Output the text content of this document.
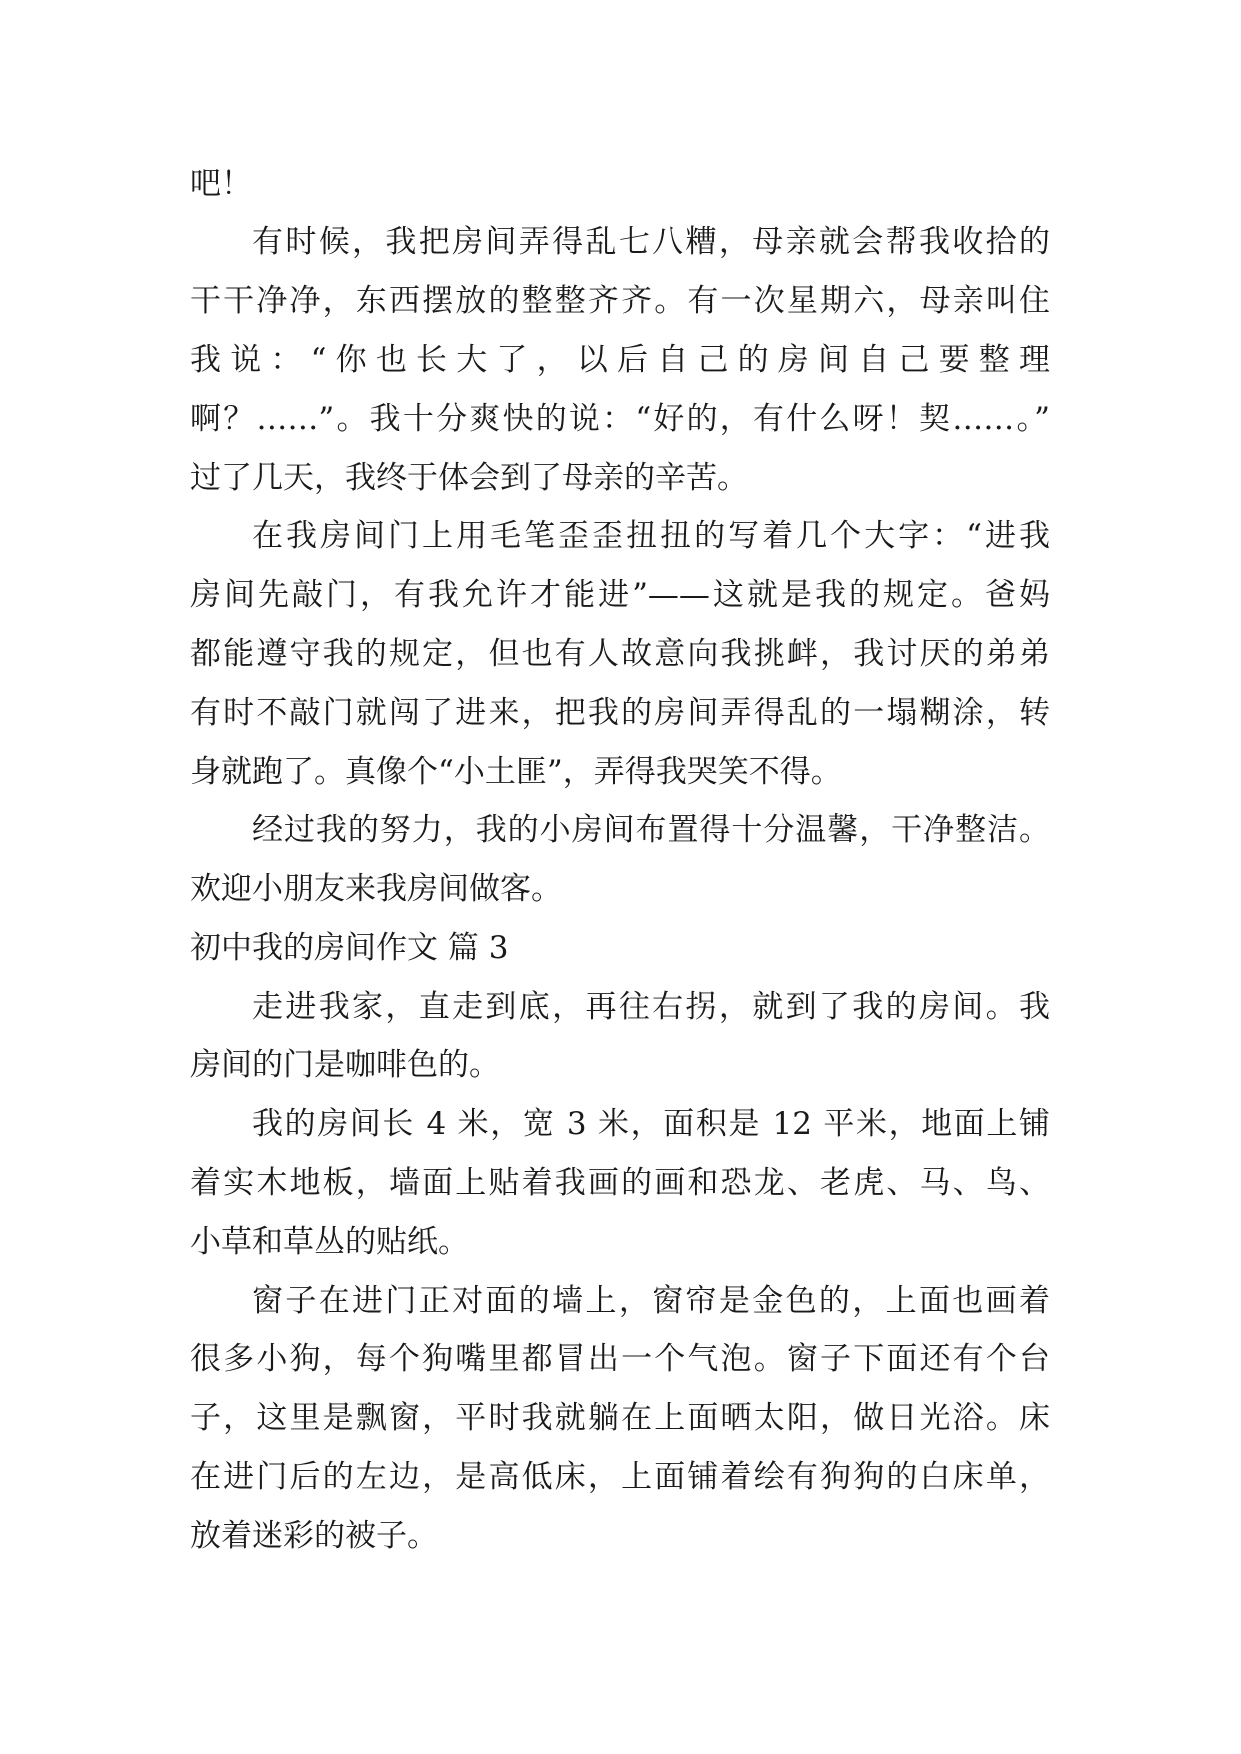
吧！

有时候，我把房间弄得乱七八糟，母亲就会帮我收拾的

干干净净，东西摆放的整整齐齐。有一次星期六，母亲叫住

我说：“你也长大了，以后自己的房间自己要整理

啊？……”。我十分爽快的说：“好的，有什么呀！契……。”

过了几天，我终于体会到了母亲的辛苦。

在我房间门上用毛笔歪歪扭扭的写着几个大字：“进我

房间先敲门，有我允许才能进”——这就是我的规定。爸妈

都能遵守我的规定，但也有人故意向我挑衅，我讨厌的弟弟

有时不敲门就闯了进来，把我的房间弄得乱的一塌糊涂，转

身就跑了。真像个“小土匪”，弄得我哭笑不得。

经过我的努力，我的小房间布置得十分温馨，干净整洁。

欢迎小朋友来我房间做客。

初中我的房间作文 篇 3

走进我家，直走到底，再往右拐，就到了我的房间。我

房间的门是咖啡色的。

我的房间长 4 米，宽 3 米，面积是 12 平米，地面上铺

着实木地板，墙面上贴着我画的画和恐龙、老虎、马、鸟、

小草和草丛的贴纸。

窗子在进门正对面的墙上，窗帘是金色的，上面也画着

很多小狗，每个狗嘴里都冒出一个气泡。窗子下面还有个台

子，这里是飘窗，平时我就躺在上面晒太阳，做日光浴。床

在进门后的左边，是高低床，上面铺着绘有狗狗的白床单，

放着迷彩的被子。
